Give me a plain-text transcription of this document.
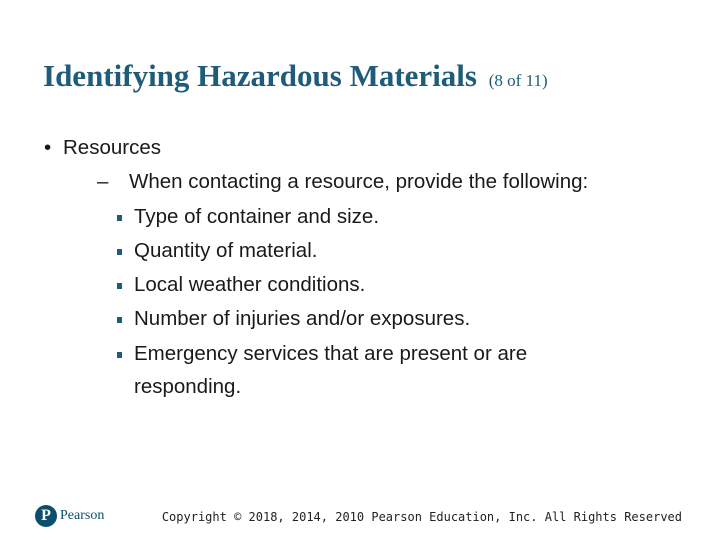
Identifying Hazardous Materials (8 of 11)
• Resources
– When contacting a resource, provide the following:
Type of container and size.
Quantity of material.
Local weather conditions.
Number of injuries and/or exposures.
Emergency services that are present or are
responding.
P Pearson	Copyright © 2018, 2014, 2010 Pearson Education, Inc. All Rights Reserved
